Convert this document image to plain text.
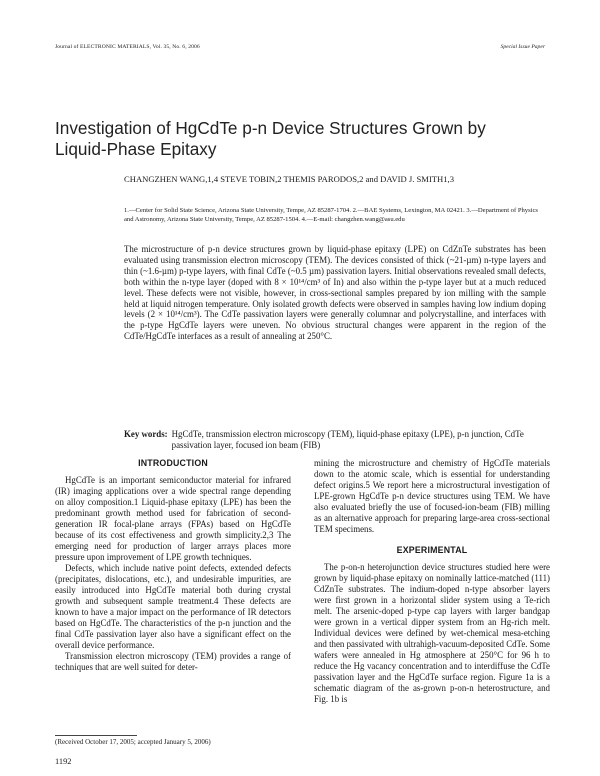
Journal of ELECTRONIC MATERIALS, Vol. 35, No. 6, 2006	Special Issue Paper
Investigation of HgCdTe p-n Device Structures Grown by Liquid-Phase Epitaxy
CHANGZHEN WANG,1,4 STEVE TOBIN,2 THEMIS PARODOS,2 and DAVID J. SMITH1,3
1.—Center for Solid State Science, Arizona State University, Tempe, AZ 85287-1704. 2.—BAE Systems, Lexington, MA 02421. 3.—Department of Physics and Astronomy, Arizona State University, Tempe, AZ 85287-1504. 4.—E-mail: changzhen.wang@asu.edu

The microstructure of p-n device structures grown by liquid-phase epitaxy (LPE) on CdZnTe substrates has been evaluated using transmission electron microscopy (TEM). The devices consisted of thick (~21-µm) n-type layers and thin (~1.6-µm) p-type layers, with final CdTe (~0.5 µm) passivation layers. Initial observations revealed small defects, both within the n-type layer (doped with 8 × 10¹⁴/cm³ of In) and also within the p-type layer but at a much reduced level. These defects were not visible, however, in cross-sectional samples prepared by ion milling with the sample held at liquid nitrogen temperature. Only isolated growth defects were observed in samples having low indium doping levels (2 × 10¹⁴/cm³). The CdTe passivation layers were generally columnar and polycrystalline, and interfaces with the p-type HgCdTe layers were uneven. No obvious structural changes were apparent in the region of the CdTe/HgCdTe interfaces as a result of annealing at 250°C.

Key words: HgCdTe, transmission electron microscopy (TEM), liquid-phase epitaxy (LPE), p-n junction, CdTe passivation layer, focused ion beam (FIB)
INTRODUCTION

HgCdTe is an important semiconductor material for infrared (IR) imaging applications over a wide spectral range depending on alloy composition.1 Liquid-phase epitaxy (LPE) has been the predominant growth method used for fabrication of second-generation IR focal-plane arrays (FPAs) based on HgCdTe because of its cost effectiveness and growth simplicity.2,3 The emerging need for production of larger arrays places more pressure upon improvement of LPE growth techniques.

Defects, which include native point defects, extended defects (precipitates, dislocations, etc.), and undesirable impurities, are easily introduced into HgCdTe material both during crystal growth and subsequent sample treatment.4 These defects are known to have a major impact on the performance of IR detectors based on HgCdTe. The characteristics of the p-n junction and the final CdTe passivation layer also have a significant effect on the overall device performance.

Transmission electron microscopy (TEM) provides a range of techniques that are well suited for deter-

mining the microstructure and chemistry of HgCdTe materials down to the atomic scale, which is essential for understanding defect origins.5 We report here a microstructural investigation of LPE-grown HgCdTe p-n device structures using TEM. We have also evaluated briefly the use of focused-ion-beam (FIB) milling as an alternative approach for preparing large-area cross-sectional TEM specimens.

EXPERIMENTAL

The p-on-n heterojunction device structures studied here were grown by liquid-phase epitaxy on nominally lattice-matched (111) CdZnTe substrates. The indium-doped n-type absorber layers were first grown in a horizontal slider system using a Te-rich melt. The arsenic-doped p-type cap layers with larger bandgap were grown in a vertical dipper system from an Hg-rich melt. Individual devices were defined by wet-chemical mesa-etching and then passivated with ultrahigh-vacuum-deposited CdTe. Some wafers were annealed in Hg atmosphere at 250°C for 96 h to reduce the Hg vacancy concentration and to interdiffuse the CdTe passivation layer and the HgCdTe surface region. Figure 1a is a schematic diagram of the as-grown p-on-n heterostructure, and Fig. 1b is

(Received October 17, 2005; accepted January 5, 2006)
1192
